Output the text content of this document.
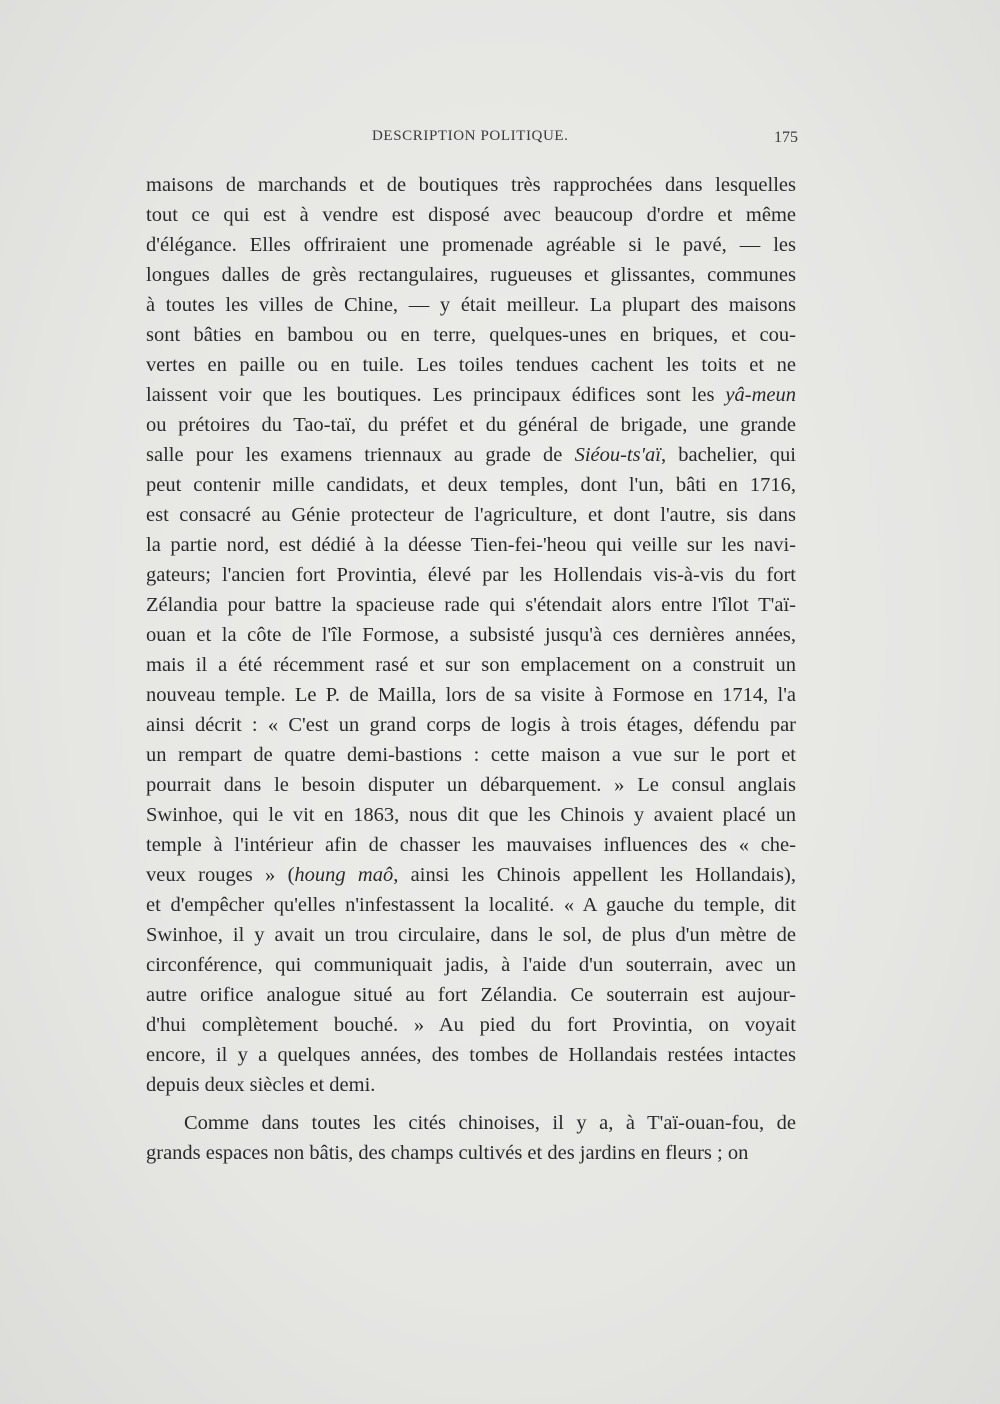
DESCRIPTION POLITIQUE.	175
maisons de marchands et de boutiques très rapprochées dans lesquelles
tout ce qui est à vendre est disposé avec beaucoup d'ordre et même
d'élégance. Elles offriraient une promenade agréable si le pavé, — les
longues dalles de grès rectangulaires, rugueuses et glissantes, communes
à toutes les villes de Chine, — y était meilleur. La plupart des maisons
sont bâties en bambou ou en terre, quelques-unes en briques, et cou-
vertes en paille ou en tuile. Les toiles tendues cachent les toits et ne
laissent voir que les boutiques. Les principaux édifices sont les yâ-meun
ou prétoires du Tao-taï, du préfet et du général de brigade, une grande
salle pour les examens triennaux au grade de Siéou-ts'aï, bachelier, qui
peut contenir mille candidats, et deux temples, dont l'un, bâti en 1716,
est consacré au Génie protecteur de l'agriculture, et dont l'autre, sis dans
la partie nord, est dédié à la déesse Tien-fei-'heou qui veille sur les navi-
gateurs; l'ancien fort Provintia, élevé par les Hollendais vis-à-vis du fort
Zélandia pour battre la spacieuse rade qui s'étendait alors entre l'îlot T'aï-
ouan et la côte de l'île Formose, a subsisté jusqu'à ces dernières années,
mais il a été récemment rasé et sur son emplacement on a construit un
nouveau temple. Le P. de Mailla, lors de sa visite à Formose en 1714, l'a
ainsi décrit : « C'est un grand corps de logis à trois étages, défendu par
un rempart de quatre demi-bastions : cette maison a vue sur le port et
pourrait dans le besoin disputer un débarquement. » Le consul anglais
Swinhoe, qui le vit en 1863, nous dit que les Chinois y avaient placé un
temple à l'intérieur afin de chasser les mauvaises influences des « che-
veux rouges » (houng maô, ainsi les Chinois appellent les Hollandais),
et d'empêcher qu'elles n'infestassent la localité. « A gauche du temple, dit
Swinhoe, il y avait un trou circulaire, dans le sol, de plus d'un mètre de
circonférence, qui communiquait jadis, à l'aide d'un souterrain, avec un
autre orifice analogue situé au fort Zélandia. Ce souterrain est aujour-
d'hui complètement bouché. » Au pied du fort Provintia, on voyait
encore, il y a quelques années, des tombes de Hollandais restées intactes
depuis deux siècles et demi.
Comme dans toutes les cités chinoises, il y a, à T'aï-ouan-fou, de
grands espaces non bâtis, des champs cultivés et des jardins en fleurs ; on
